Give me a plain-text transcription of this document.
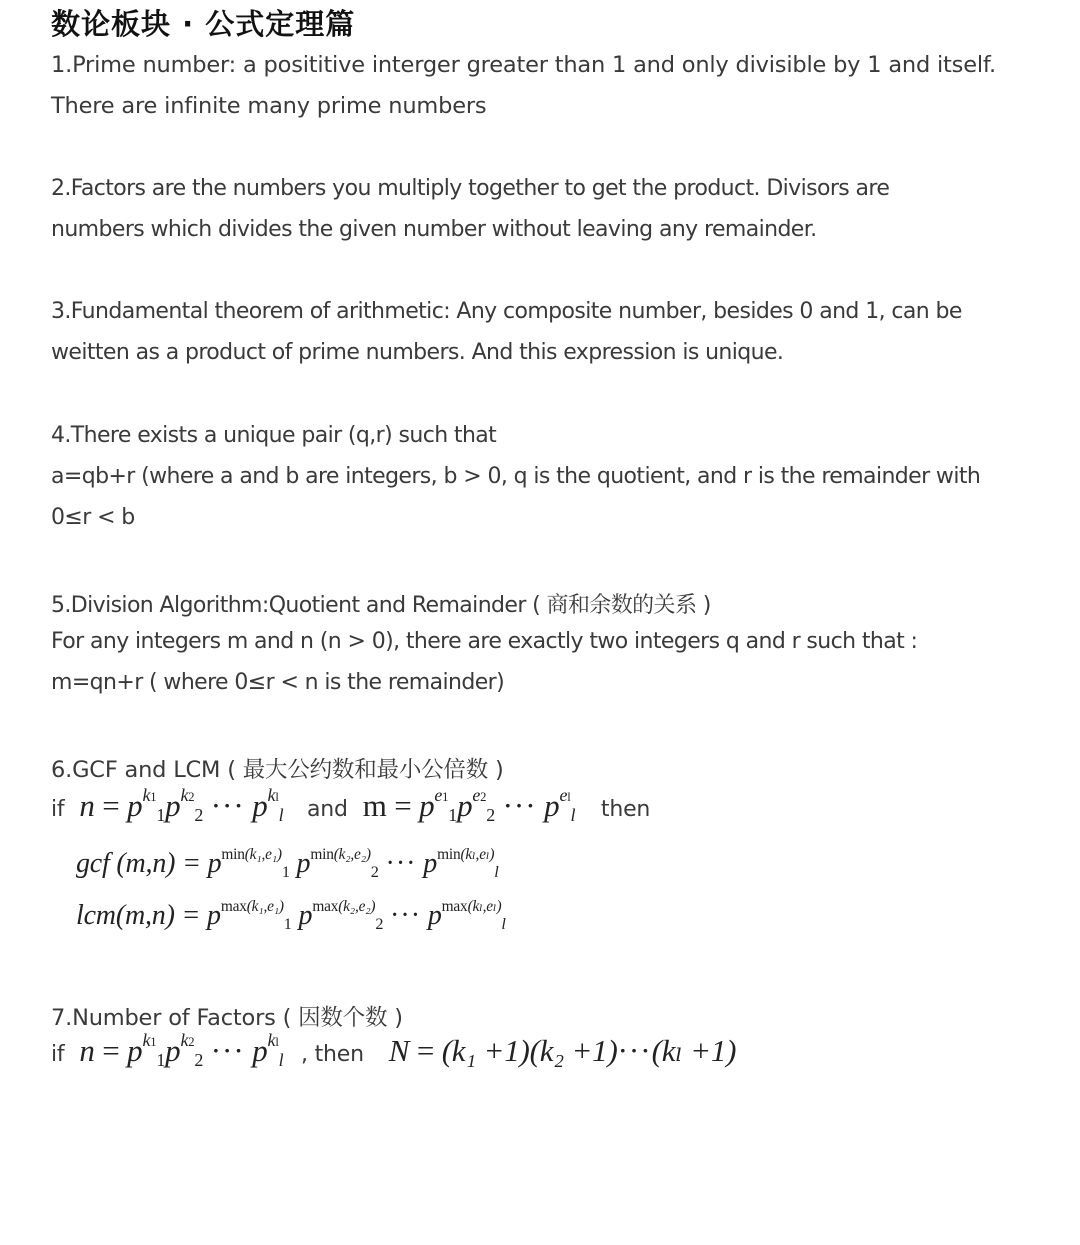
数论板块 · 公式定理篇
1.Prime number: a posititive interger greater than 1 and only divisible by 1 and itself.
There are infinite many prime numbers
2.Factors are the numbers you multiply together to get the product. Divisors are
numbers which divides the given number without leaving any remainder.
3.Fundamental theorem of arithmetic: Any composite number, besides 0 and 1, can be
weitten as a product of prime numbers. And this expression is unique.
4.There exists a unique pair (q,r) such that
a=qb+r (where a and b are integers, b > 0, q is the quotient, and r is the remainder with
0≤r < b
5.Division Algorithm:Quotient and Remainder ( 商和余数的关系 )
For any integers m and n (n > 0), there are exactly two integers q and r such that :
m=qn+r ( where 0≤r < n is the remainder)
6.GCF and LCM ( 最大公约数和最小公倍数 )
if $n = p^{k1}_1p^{k2}_2$ ··· $p^{kl}_l$ and $m = p^{e1}_1p^{e2}_2$ ··· $p^{el}_l$ then
gcf $(m,n) = p^{min(k_1,e_1)}_1$ $p^{min(k_2,e_2)}_2$ ··· $p^{min(k_l,e_l)}_l$
$lcm(m,n) = p^{max(k_1,e_1)}_1$ $p^{max(k_2,e_2)}_2$ ··· $p^{max(k_l,e_l)}_l$
7.Number of Factors ( 因数个数 )
if $n = p^{k1}_1p^{k2}_2$ ··· $p^{kl}_l$ , then N = (k₁ +1)(k₂ +1)···(kₗ +1)
